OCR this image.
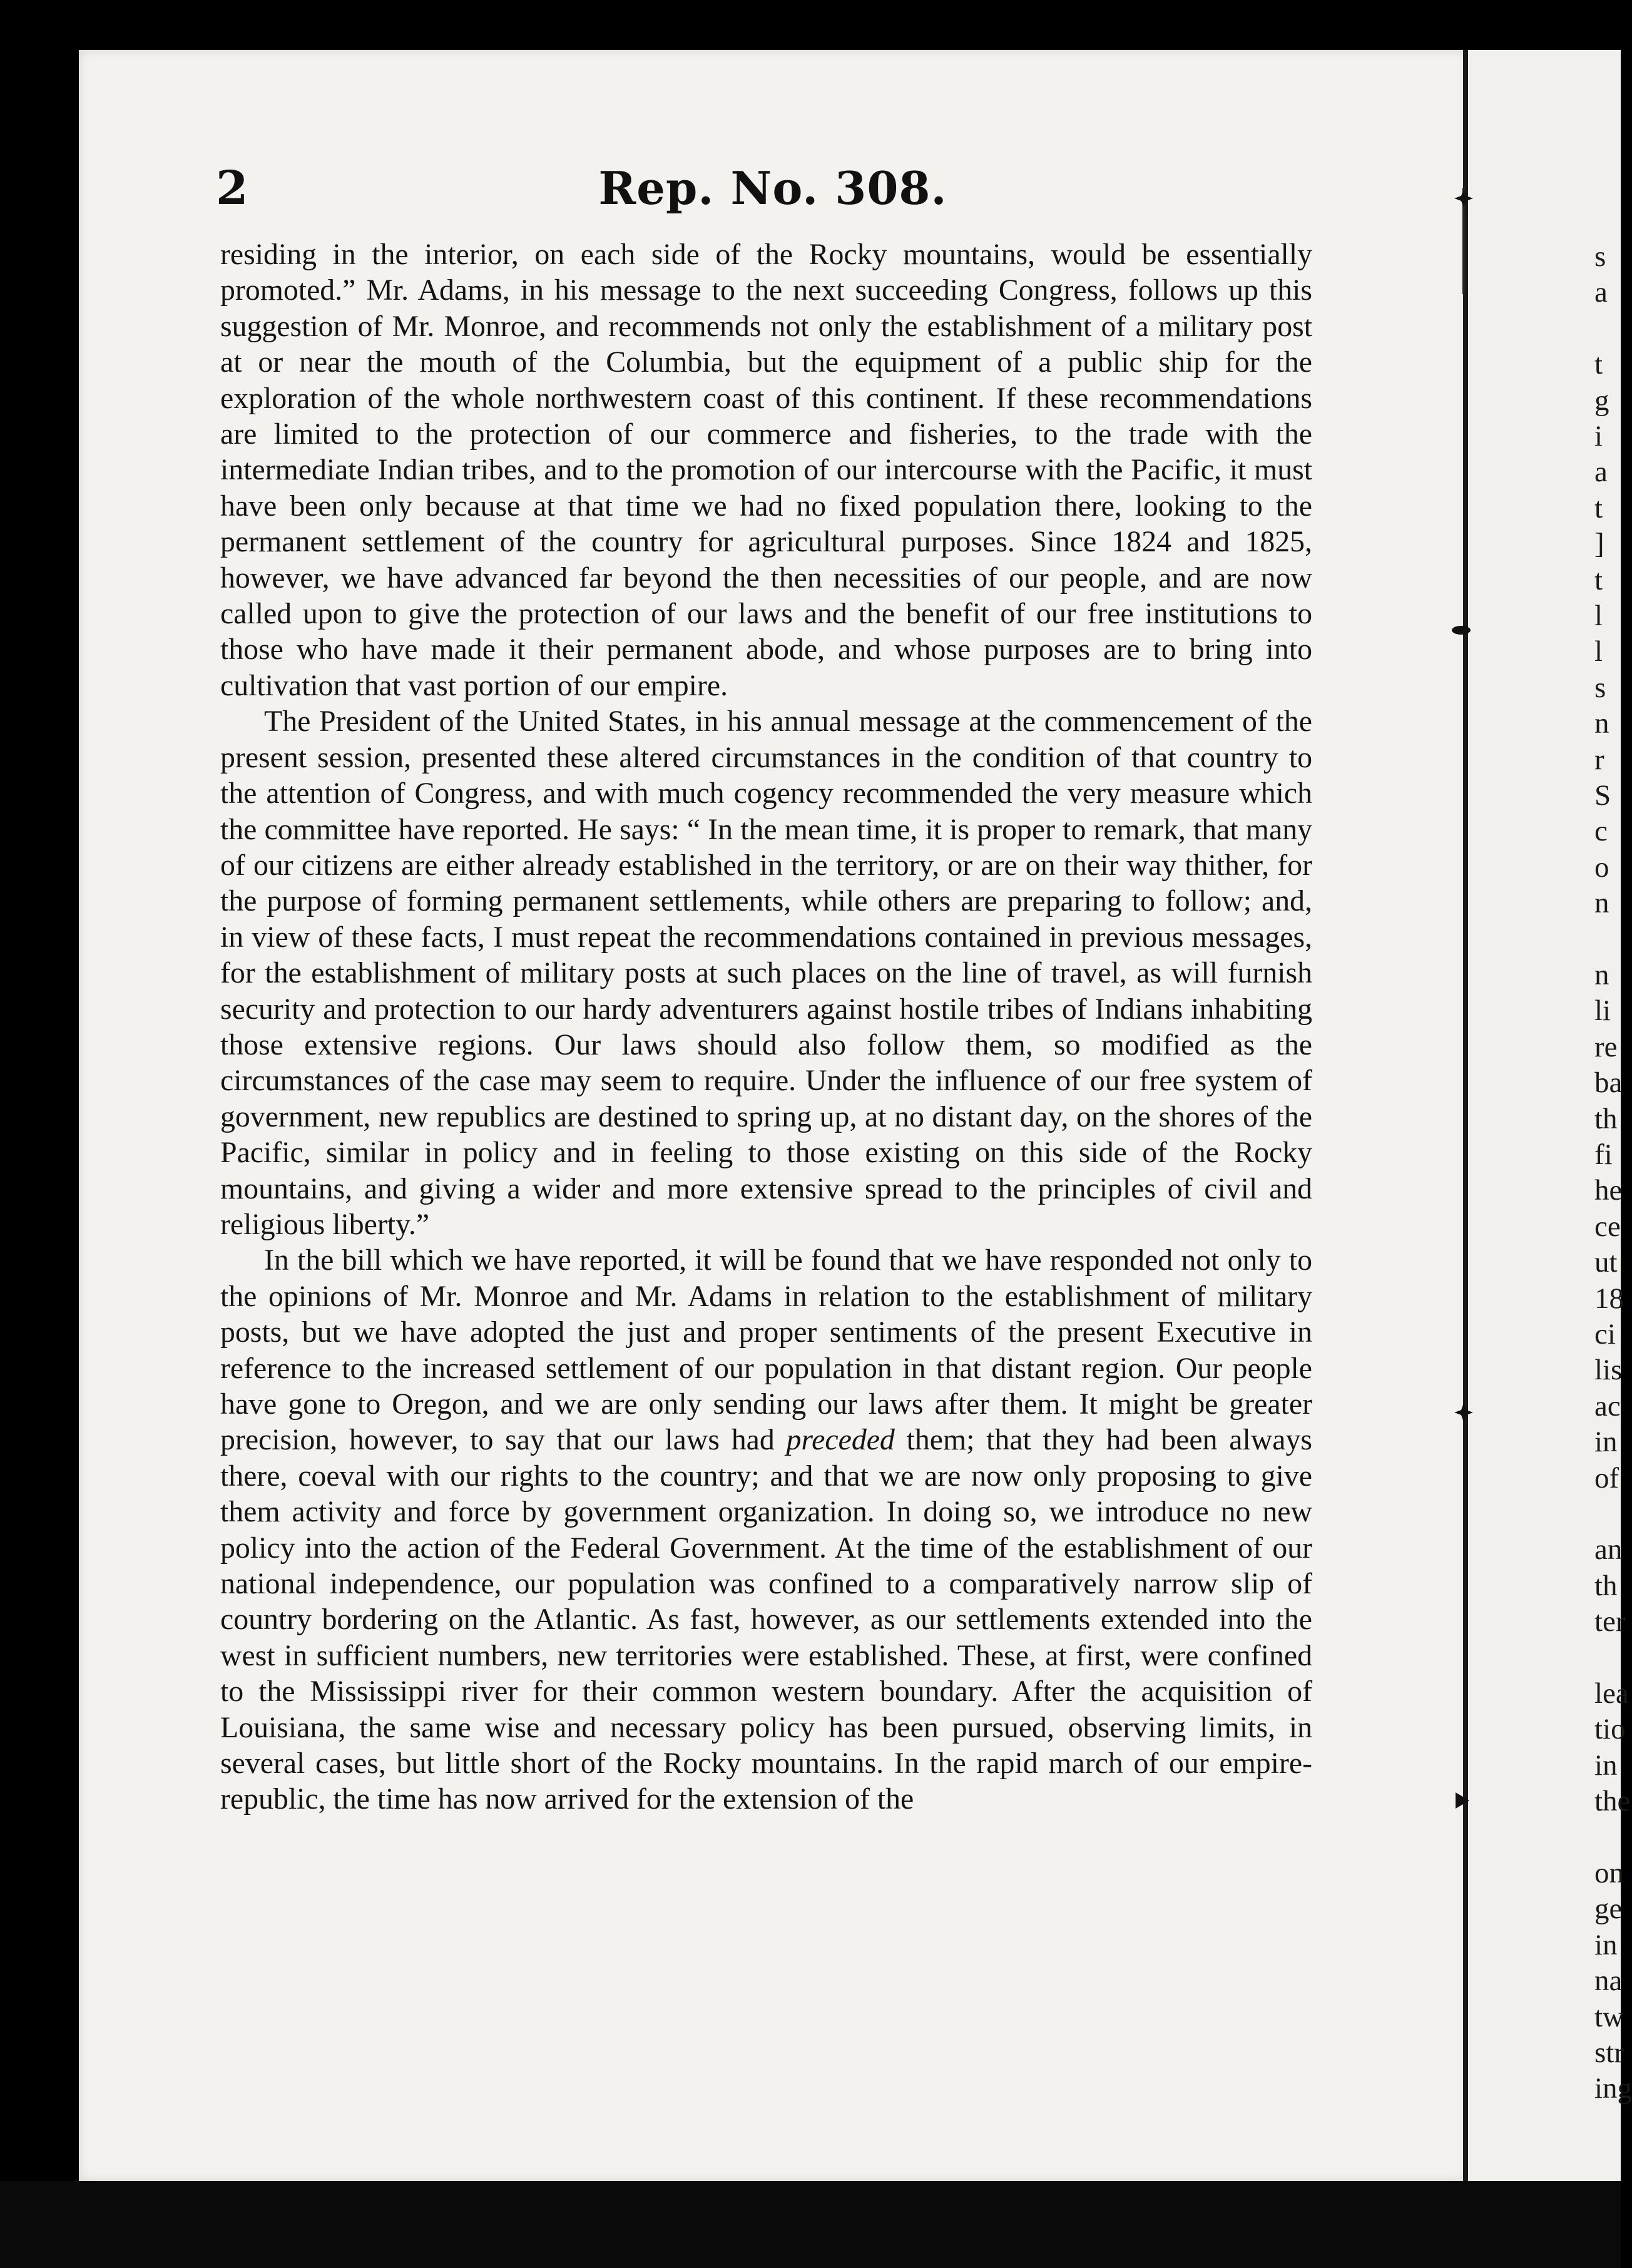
2	Rep. No. 308.

residing in the interior, on each side of the Rocky mountains, would be essentially promoted.” Mr. Adams, in his message to the next succeeding Congress, follows up this suggestion of Mr. Monroe, and recommends not only the establishment of a military post at or near the mouth of the Columbia, but the equipment of a public ship for the exploration of the whole northwestern coast of this continent. If these recommendations are limited to the protection of our commerce and fisheries, to the trade with the intermediate Indian tribes, and to the promotion of our intercourse with the Pacific, it must have been only because at that time we had no fixed population there, looking to the permanent settlement of the country for agricultural purposes. Since 1824 and 1825, however, we have advanced far beyond the then necessities of our people, and are now called upon to give the protection of our laws and the benefit of our free institutions to those who have made it their permanent abode, and whose purposes are to bring into cultivation that vast portion of our empire.

The President of the United States, in his annual message at the commencement of the present session, presented these altered circumstances in the condition of that country to the attention of Congress, and with much cogency recommended the very measure which the committee have reported. He says: “ In the mean time, it is proper to remark, that many of our citizens are either already established in the territory, or are on their way thither, for the purpose of forming permanent settlements, while others are preparing to follow; and, in view of these facts, I must repeat the recommendations contained in previous messages, for the establishment of military posts at such places on the line of travel, as will furnish security and protection to our hardy adventurers against hostile tribes of Indians inhabiting those extensive regions. Our laws should also follow them, so modified as the circumstances of the case may seem to require. Under the influence of our free system of government, new republics are destined to spring up, at no distant day, on the shores of the Pacific, similar in policy and in feeling to those existing on this side of the Rocky mountains, and giving a wider and more extensive spread to the principles of civil and religious liberty.”

In the bill which we have reported, it will be found that we have responded not only to the opinions of Mr. Monroe and Mr. Adams in relation to the establishment of military posts, but we have adopted the just and proper sentiments of the present Executive in reference to the increased settlement of our population in that distant region. Our people have gone to Oregon, and we are only sending our laws after them. It might be greater precision, however, to say that our laws had preceded them; that they had been always there, coeval with our rights to the country; and that we are now only proposing to give them activity and force by government organization. In doing so, we introduce no new policy into the action of the Federal Government. At the time of the establishment of our national independence, our population was confined to a comparatively narrow slip of country bordering on the Atlantic. As fast, however, as our settlements extended into the west in sufficient numbers, new territories were established. These, at first, were confined to the Mississippi river for their common western boundary. After the acquisition of Louisiana, the same wise and necessary policy has been pursued, observing limits, in several cases, but little short of the Rocky mountains. In the rapid march of our empire-republic, the time has now arrived for the extension of the

s
a
t
g
i
a
t
]
t
l
l
s
n
r
S
c
o
n
n
li
re
ba
th
fi
he
ce
ut
18
ci
lis
ac
in
of
an
th
ter
lea
tio
in
the
on
ge
in
na
tw
str
ing
